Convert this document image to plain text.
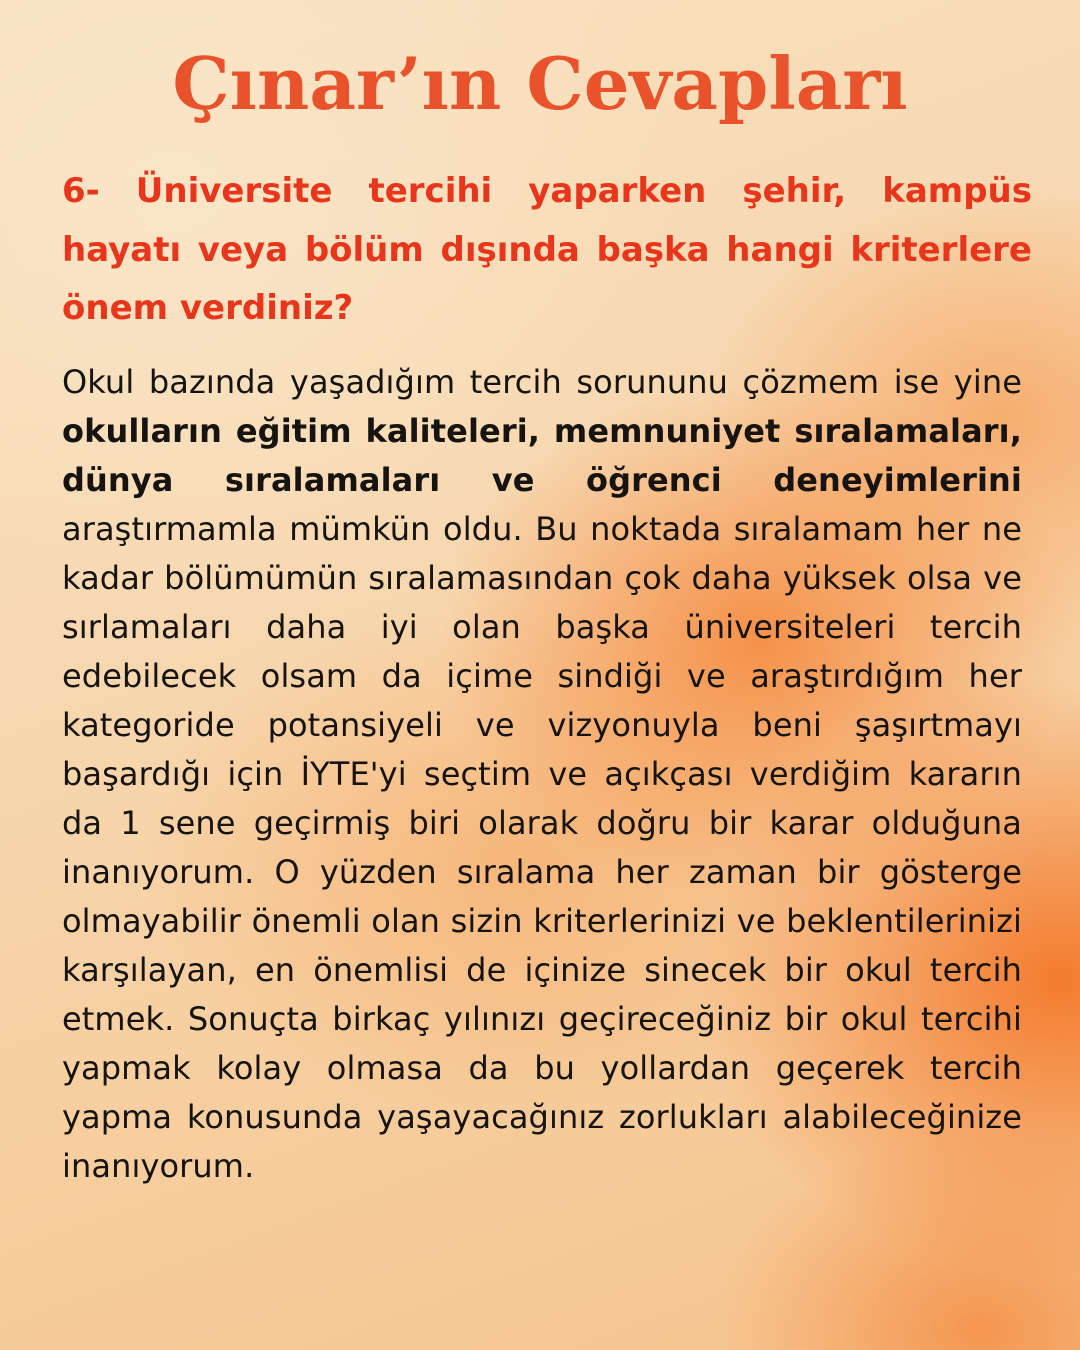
Çınar’ın Cevapları

6- Üniversite tercihi yaparken şehir, kampüs hayatı veya bölüm dışında başka hangi kriterlere önem verdiniz?

Okul bazında yaşadığım tercih sorununu çözmem ise yine okulların eğitim kaliteleri, memnuniyet sıralamaları, dünya sıralamaları ve öğrenci deneyimlerini araştırmamla mümkün oldu. Bu noktada sıralamam her ne kadar bölümümün sıralamasından çok daha yüksek olsa ve sırlamaları daha iyi olan başka üniversiteleri tercih edebilecek olsam da içime sindiği ve araştırdığım her kategoride potansiyeli ve vizyonuyla beni şaşırtmayı başardığı için İYTE'yi seçtim ve açıkçası verdiğim kararın da 1 sene geçirmiş biri olarak doğru bir karar olduğuna inanıyorum. O yüzden sıralama her zaman bir gösterge olmayabilir önemli olan sizin kriterlerinizi ve beklentilerinizi karşılayan, en önemlisi de içinize sinecek bir okul tercih etmek. Sonuçta birkaç yılınızı geçireceğiniz bir okul tercihi yapmak kolay olmasa da bu yollardan geçerek tercih yapma konusunda yaşayacağınız zorlukları alabileceğinize inanıyorum.
